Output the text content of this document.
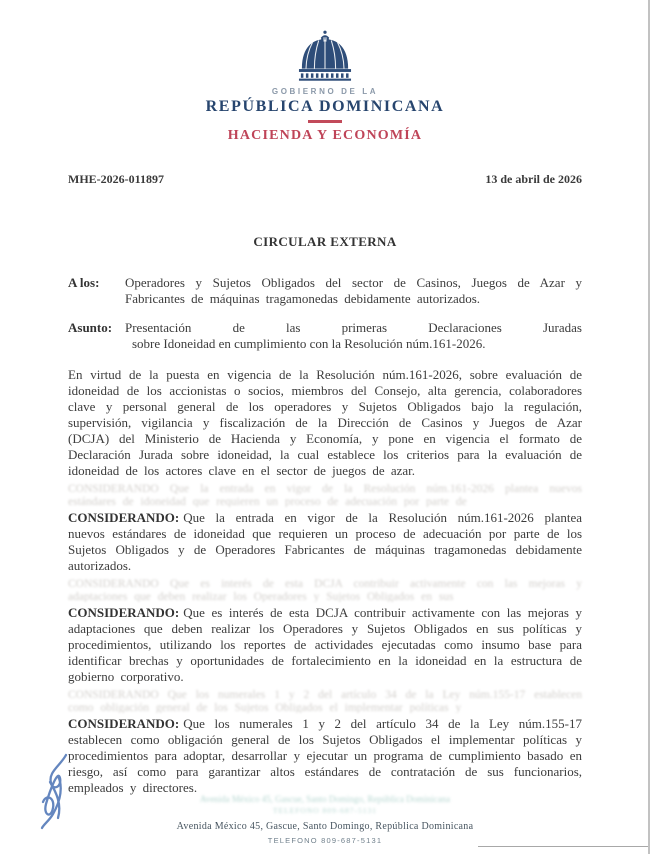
GOBIERNO DE LA
REPÚBLICA DOMINICANA
HACIENDA Y ECONOMÍA
MHE-2026-011897	13 de abril de 2026
CIRCULAR EXTERNA
A los:	Operadores y Sujetos Obligados del sector de Casinos, Juegos de Azar y Fabricantes de máquinas tragamonedas debidamente autorizados.
Asunto: Presentación de las primeras Declaraciones Juradas
sobre Idoneidad en cumplimiento con la Resolución núm.161-2026.

En virtud de la puesta en vigencia de la Resolución núm.161-2026, sobre evaluación de idoneidad de los accionistas o socios, miembros del Consejo, alta gerencia, colaboradores clave y personal general de los operadores y Sujetos Obligados bajo la regulación, supervisión, vigilancia y fiscalización de la Dirección de Casinos y Juegos de Azar (DCJA) del Ministerio de Hacienda y Economía, y pone en vigencia el formato de Declaración Jurada sobre idoneidad, la cual establece los criterios para la evaluación de idoneidad de los actores clave en el sector de juegos de azar.

CONSIDERANDO Que la entrada en vigor de la Resolución núm.161-2026 plantea nuevos estándares de idoneidad que requieren un proceso de adecuación por parte de

CONSIDERANDO: Que la entrada en vigor de la Resolución núm.161-2026 plantea nuevos estándares de idoneidad que requieren un proceso de adecuación por parte de los Sujetos Obligados y de Operadores Fabricantes de máquinas tragamonedas debidamente autorizados.

CONSIDERANDO Que es interés de esta DCJA contribuir activamente con las mejoras y adaptaciones que deben realizar los Operadores y Sujetos Obligados en sus

CONSIDERANDO: Que es interés de esta DCJA contribuir activamente con las mejoras y adaptaciones que deben realizar los Operadores y Sujetos Obligados en sus políticas y procedimientos, utilizando los reportes de actividades ejecutadas como insumo base para identificar brechas y oportunidades de fortalecimiento en la idoneidad en la estructura de gobierno corporativo.

CONSIDERANDO Que los numerales 1 y 2 del artículo 34 de la Ley núm.155-17 establecen como obligación general de los Sujetos Obligados el implementar políticas y

CONSIDERANDO: Que los numerales 1 y 2 del artículo 34 de la Ley núm.155-17 establecen como obligación general de los Sujetos Obligados el implementar políticas y procedimientos para adoptar, desarrollar y ejecutar un programa de cumplimiento basado en riesgo, así como para garantizar altos estándares de contratación de sus funcionarios, empleados y directores.

Avenida México 45, Gascue, Santo Domingo, República Dominicana
TELEFONO 809-687-5131
Avenida México 45, Gascue, Santo Domingo, República Dominicana
TELEFONO 809-687-5131
